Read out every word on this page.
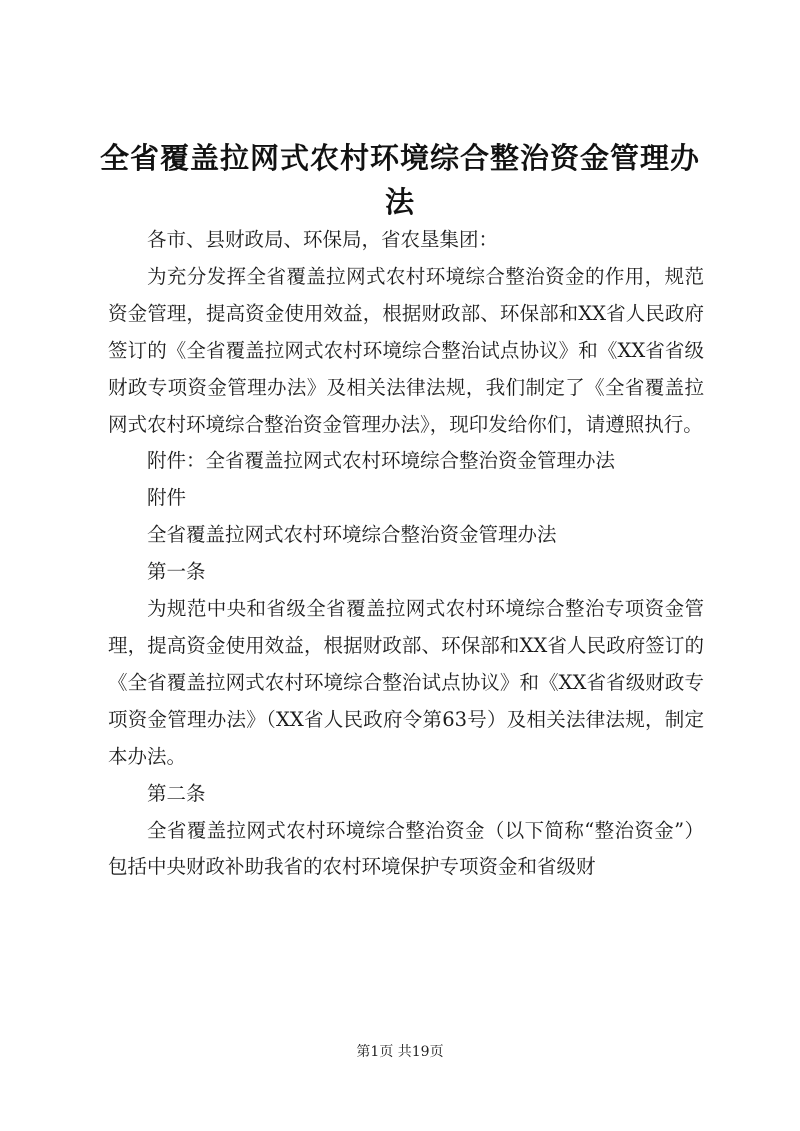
全省覆盖拉网式农村环境综合整治资金管理办法

各市、县财政局、环保局，省农垦集团：

为充分发挥全省覆盖拉网式农村环境综合整治资金的作用，规范资金管理，提高资金使用效益，根据财政部、环保部和XX省人民政府签订的《全省覆盖拉网式农村环境综合整治试点协议》和《XX省省级财政专项资金管理办法》及相关法律法规，我们制定了《全省覆盖拉网式农村环境综合整治资金管理办法》，现印发给你们，请遵照执行。

附件：全省覆盖拉网式农村环境综合整治资金管理办法

附件

全省覆盖拉网式农村环境综合整治资金管理办法

第一条

为规范中央和省级全省覆盖拉网式农村环境综合整治专项资金管理，提高资金使用效益，根据财政部、环保部和XX省人民政府签订的《全省覆盖拉网式农村环境综合整治试点协议》和《XX省省级财政专项资金管理办法》（XX省人民政府令第63号）及相关法律法规，制定本办法。

第二条

全省覆盖拉网式农村环境综合整治资金（以下简称“整治资金”）包括中央财政补助我省的农村环境保护专项资金和省级财

第1页 共19页
